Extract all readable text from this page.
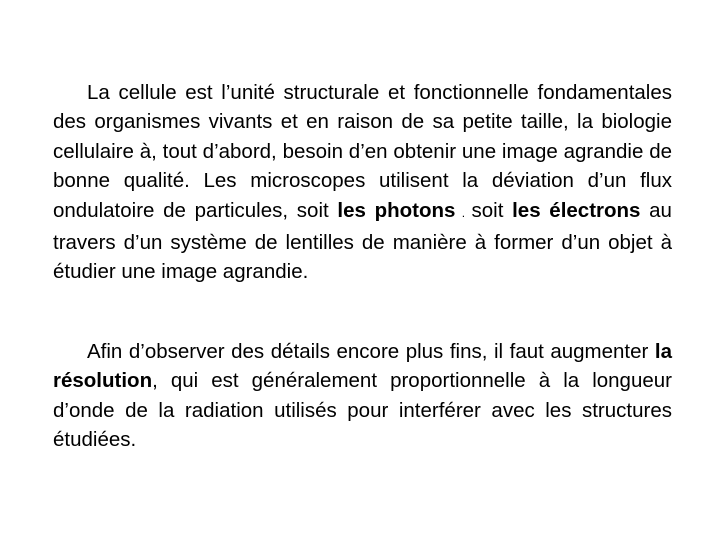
La cellule est l’unité structurale et fonctionnelle fondamentales des organismes vivants et en raison de sa petite taille, la biologie cellulaire à, tout d’abord, besoin d’en obtenir une image agrandie de bonne qualité. Les microscopes utilisent la déviation d’un flux ondulatoire de particules, soit les photons . soit les électrons au travers d’un système de lentilles de manière à former d’un objet à étudier une image agrandie.

Afin d’observer des détails encore plus fins, il faut augmenter la résolution, qui est généralement proportionnelle à la longueur d’onde de la radiation utilisés pour interférer avec les structures étudiées.
